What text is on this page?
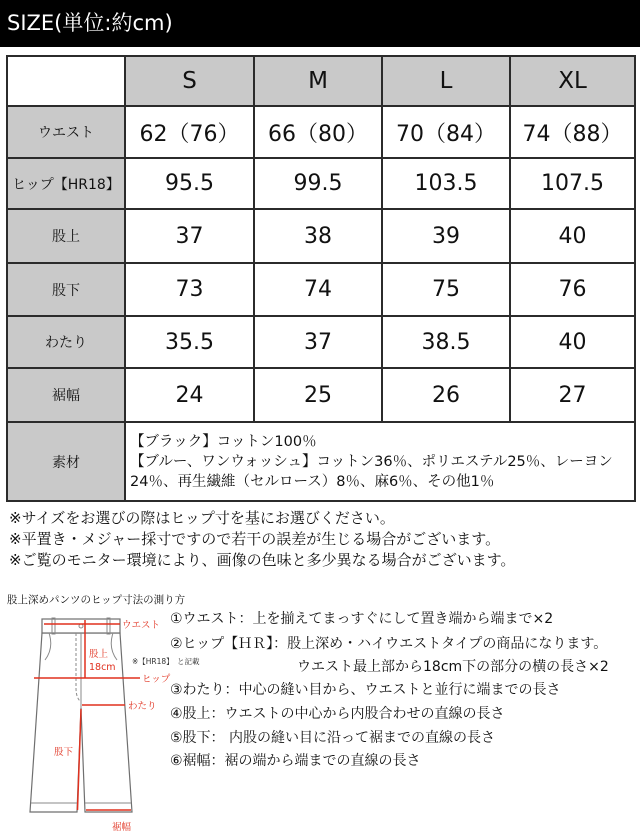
SIZE(単位:約cm)
	S	M	L	XL
ウエスト	62（76）	66（80）	70（84）	74（88）
ヒップ【HR18】	95.5	99.5	103.5	107.5
股上	37	38	39	40
股下	73	74	75	76
わたり	35.5	37	38.5	40
裾幅	24	25	26	27
素材	【ブラック】コットン100％
【ブルー、ワンウォッシュ】コットン36％、ポリエステル25％、レーヨン
24％、再生繊維（セルロース）8％、麻6％、その他1％			
※サイズをお選びの際はヒップ寸を基にお選びください。
※平置き・メジャー採寸ですので若干の誤差が生じる場合がございます。
※ご覧のモニター環境により、画像の色味と多少異なる場合がございます。
股上深めパンツのヒップ寸法の測り方
①ウエスト：上を揃えてまっすぐにして置き端から端まで×2
②ヒップ【ＨＲ】：股上深め・ハイウエストタイプの商品になります。
ウエスト最上部から18cm下の部分の横の長さ×2
③わたり：中心の縫い目から、ウエストと並行に端までの長さ
④股上：ウエストの中心から内股合わせの直線の長さ
⑤股下： 内股の縫い目に沿って裾までの直線の長さ
⑥裾幅：裾の端から端までの直線の長さ
ウエスト
股上
18cm
※【HR18】 と記載
ヒップ
わたり
股下
裾幅
